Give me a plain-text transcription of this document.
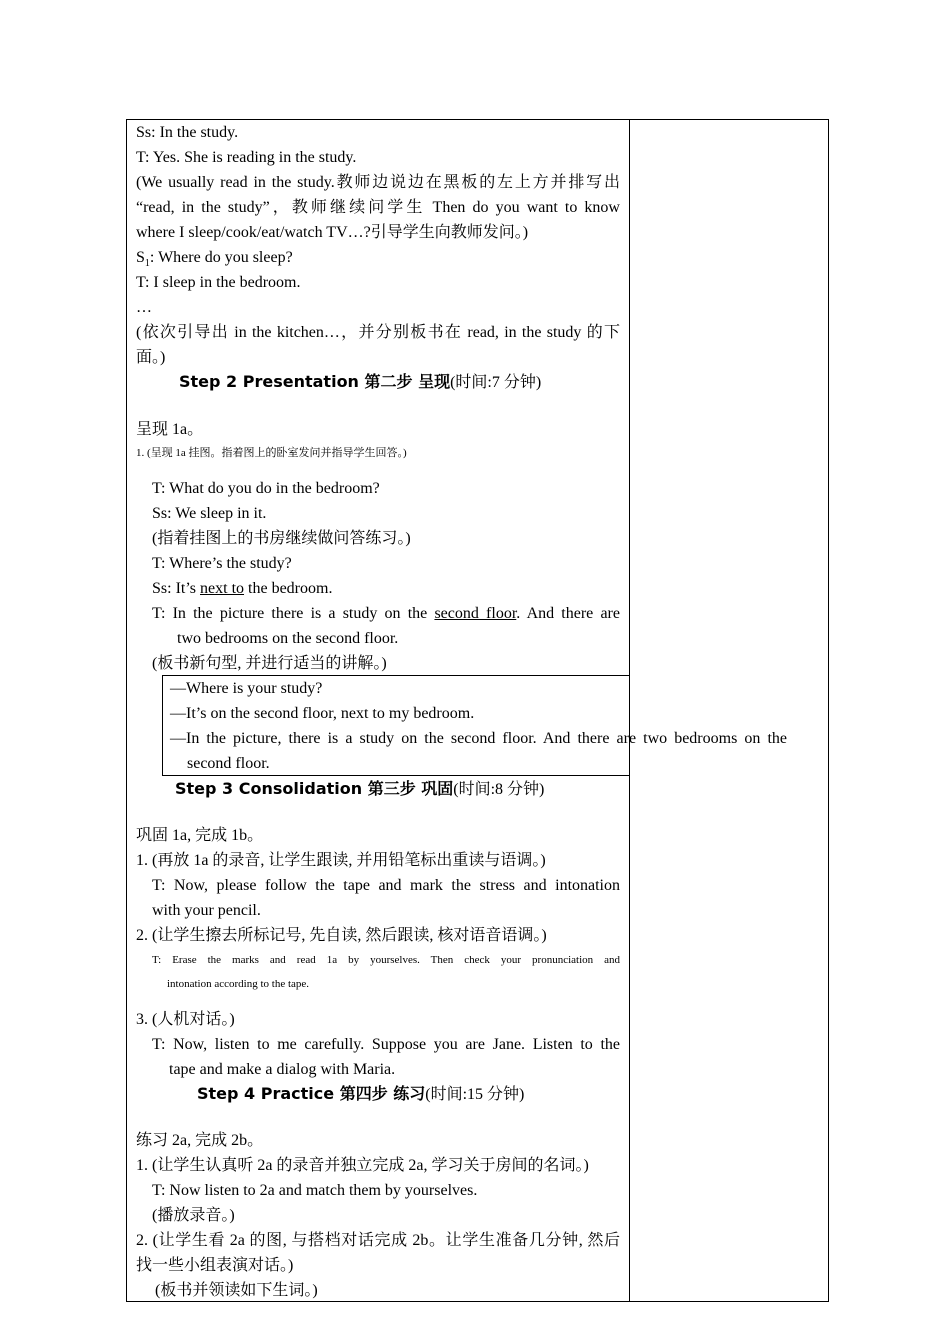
Ss: In the study.
T: Yes. She is reading in the study.
(We usually read in the study.教师边说边在黑板的左上方并排写出
“read, in the study”，教师继续问学生 Then do you want to know
where I sleep/cook/eat/watch TV…?引导学生向教师发问。)
$S_1$: Where do you sleep?
T: I sleep in the bedroom.
…
(依次引导出 in the kitchen…，并分别板书在 read, in the study 的下
面。)
Step 2 Presentation 第二步 呈现(时间:7 分钟)
呈现 1a。
1. (呈现 1a 挂图。指着图上的卧室发问并指导学生回答。)
T: What do you do in the bedroom?
Ss: We sleep in it.
(指着挂图上的书房继续做问答练习。)
T: Where’s the study?
Ss: It’s next to the bedroom.
T: In the picture there is a study on the second floor. And there are
two bedrooms on the second floor.
(板书新句型, 并进行适当的讲解。)
—Where is your study?
—It’s on the second floor, next to my bedroom.
—In the picture, there is a study on the second floor. And there are two bedrooms on the
second floor.
Step 3 Consolidation 第三步 巩固(时间:8 分钟)
巩固 1a, 完成 1b。
1. (再放 1a 的录音, 让学生跟读, 并用铅笔标出重读与语调。)
T: Now, please follow the tape and mark the stress and intonation
with your pencil.
2. (让学生擦去所标记号, 先自读, 然后跟读, 核对语音语调。)
T: Erase the marks and read 1a by yourselves. Then check your pronunciation and
intonation according to the tape.
3. (人机对话。)
T: Now, listen to me carefully. Suppose you are Jane. Listen to the
tape and make a dialog with Maria.
Step 4 Practice 第四步 练习(时间:15 分钟)
练习 2a, 完成 2b。
1. (让学生认真听 2a 的录音并独立完成 2a, 学习关于房间的名词。)
T: Now listen to 2a and match them by yourselves.
(播放录音。)
2. (让学生看 2a 的图, 与搭档对话完成 2b。让学生准备几分钟, 然后
找一些小组表演对话。)
(板书并领读如下生词。)
